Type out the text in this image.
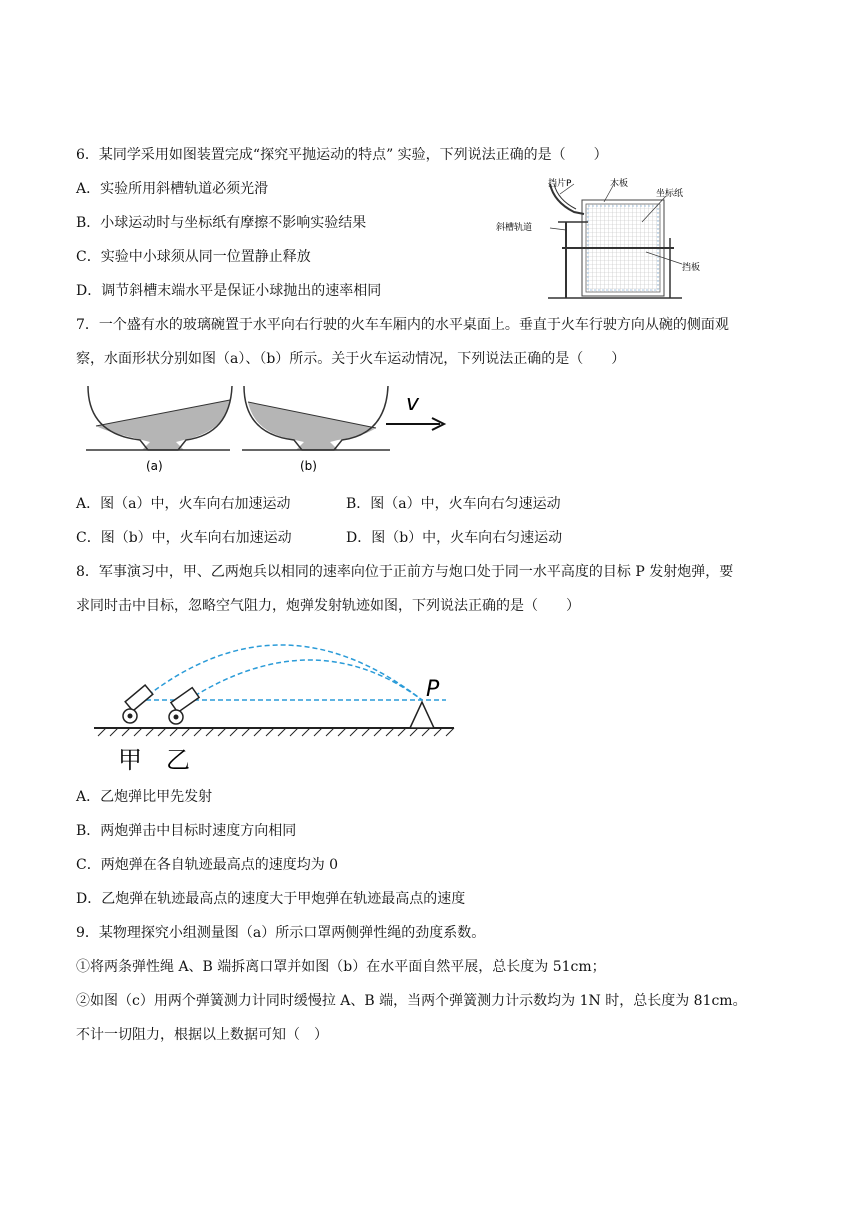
6．某同学采用如图装置完成“探究平抛运动的特点” 实验，下列说法正确的是（　　）
A．实验所用斜槽轨道必须光滑
B．小球运动时与坐标纸有摩擦不影响实验结果
C．实验中小球须从同一位置静止释放
D．调节斜槽末端水平是保证小球抛出的速率相同
挡片P	木板
坐标纸
斜槽轨道
挡板
7．一个盛有水的玻璃碗置于水平向右行驶的火车车厢内的水平桌面上。垂直于火车行驶方向从碗的侧面观
察，水面形状分别如图（a）、（b）所示。关于火车运动情况，下列说法正确的是（　　）
v
(a)	(b)
A．图（a）中，火车向右加速运动	B．图（a）中，火车向右匀速运动
C．图（b）中，火车向右加速运动	D．图（b）中，火车向右匀速运动
8．军事演习中，甲、乙两炮兵以相同的速率向位于正前方与炮口处于同一水平高度的目标 P 发射炮弹，要
求同时击中目标，忽略空气阻力，炮弹发射轨迹如图，下列说法正确的是（　　）
P
甲 乙
A．乙炮弹比甲先发射
B．两炮弹击中目标时速度方向相同
C．两炮弹在各自轨迹最高点的速度均为 0
D．乙炮弹在轨迹最高点的速度大于甲炮弹在轨迹最高点的速度
9．某物理探究小组测量图（a）所示口罩两侧弹性绳的劲度系数。
①将两条弹性绳 A、B 端拆离口罩并如图（b）在水平面自然平展，总长度为 51cm；
②如图（c）用两个弹簧测力计同时缓慢拉 A、B 端，当两个弹簧测力计示数均为 1N 时，总长度为 81cm。
不计一切阻力，根据以上数据可知（　）
